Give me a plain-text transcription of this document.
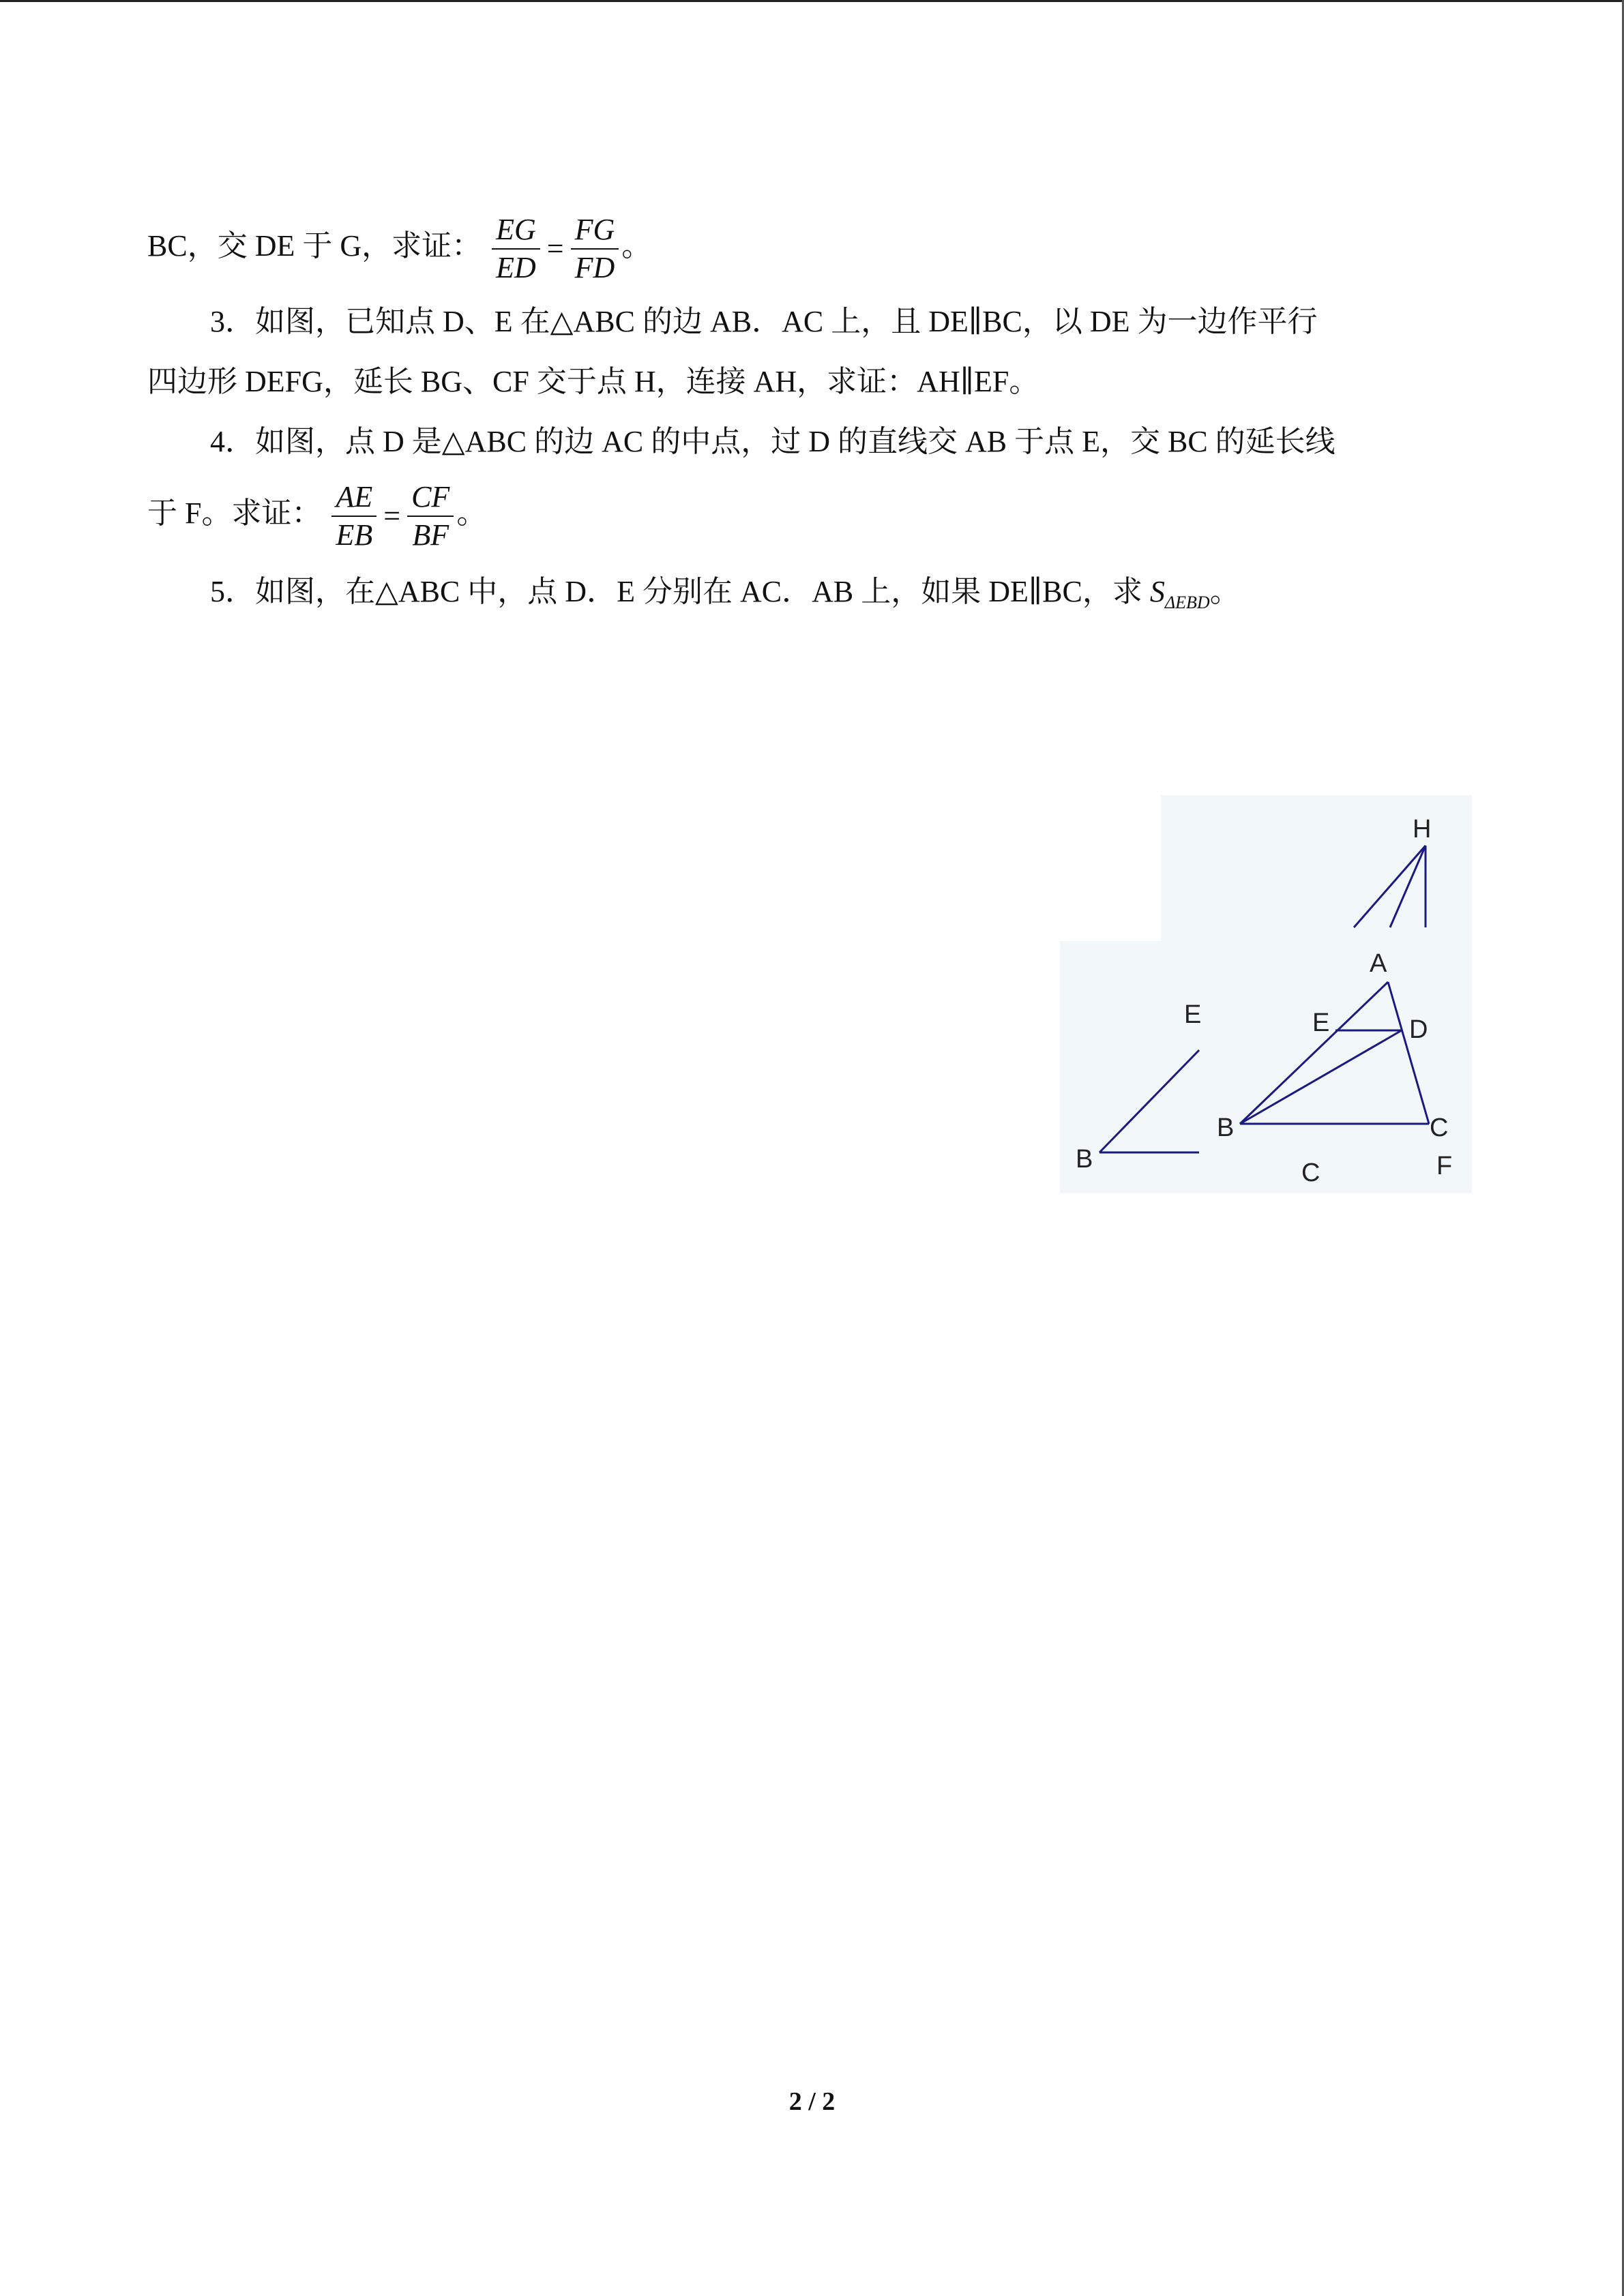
BC，交 DE 于 G，求证： $\frac{EG}{ED} = \frac{FG}{FD}$ 。
3．如图，已知点 D、E 在△ABC 的边 AB．AC 上，且 DE∥BC，以 DE 为一边作平行
四边形 DEFG，延长 BG、CF 交于点 H，连接 AH，求证：AH∥EF。
4．如图，点 D 是△ABC 的边 AC 的中点，过 D 的直线交 AB 于点 E，交 BC 的延长线
于 F。求证： $\frac{AE}{EB} = \frac{CF}{BF}$ 。
5．如图，在△ABC 中，点 D．E 分别在 AC．AB 上，如果 DE∥BC，求 $S_{\Delta EBD}$。
H
A
E	E	D
B
B	C
C	F
2 / 2
